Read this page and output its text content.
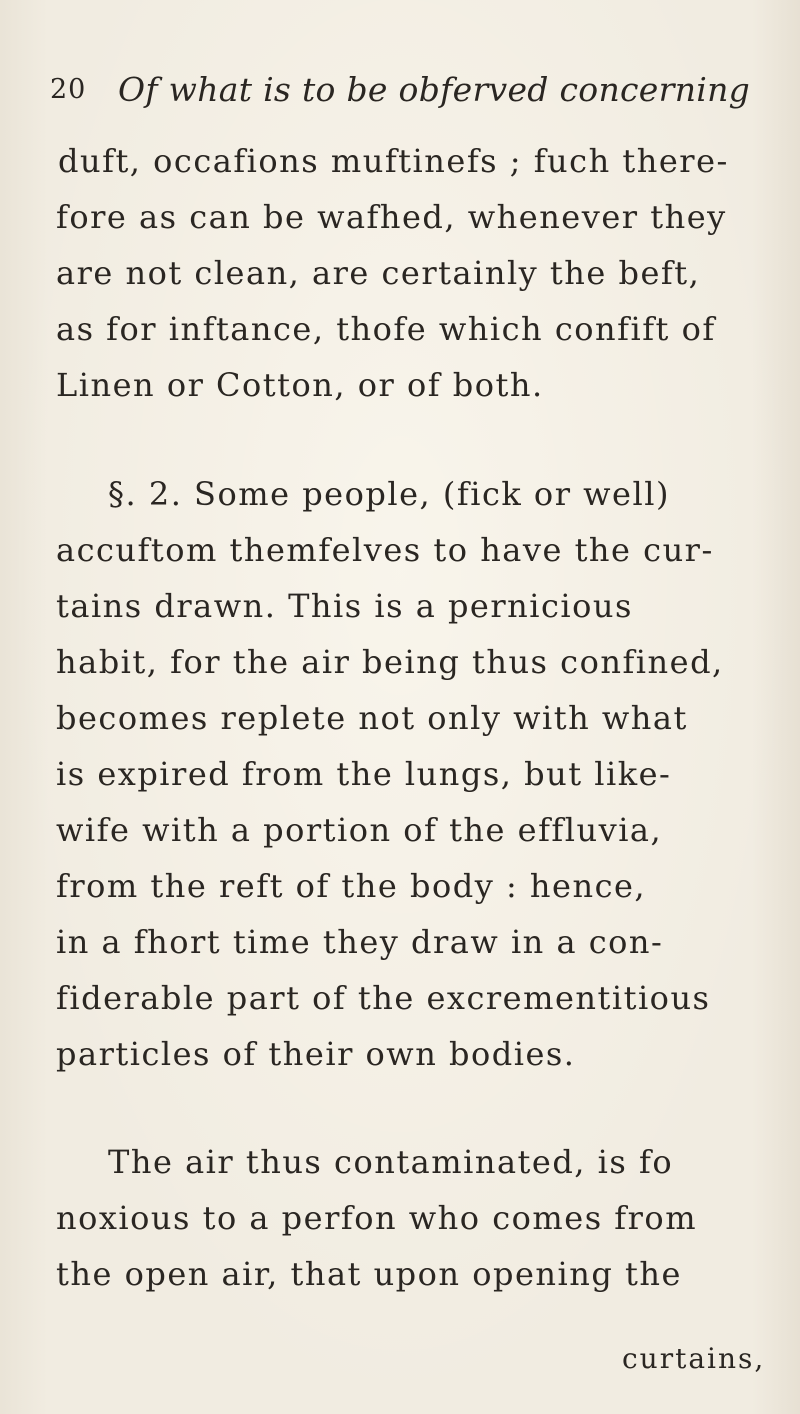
20 Of what is to be obferved concerning
duft, occafions muftinefs ; fuch there-
fore as can be wafhed, whenever they
are not clean, are certainly the beft,
as for inftance, thofe which confift of
Linen or Cotton, or of both.
§. 2. Some people, (fick or well)
accuftom themfelves to have the cur-
tains drawn. This is a pernicious
habit, for the air being thus confined,
becomes replete not only with what
is expired from the lungs, but like-
wife with a portion of the effluvia,
from the reft of the body : hence,
in a fhort time they draw in a con-
fiderable part of the excrementitious
particles of their own bodies.
The air thus contaminated, is fo
noxious to a perfon who comes from
the open air, that upon opening the
curtains,
